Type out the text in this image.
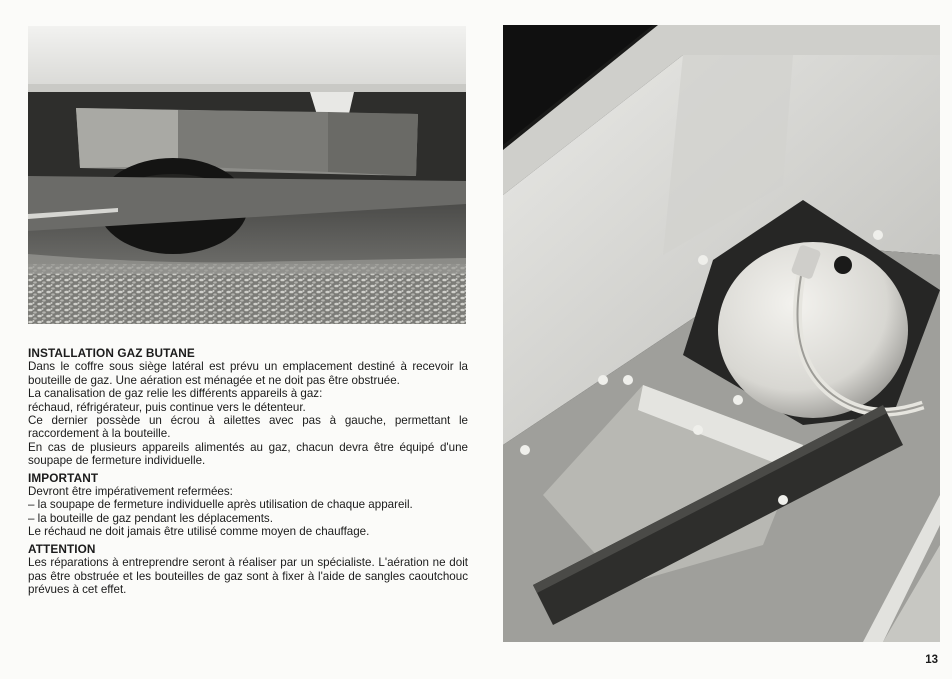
INSTALLATION GAZ BUTANE

Dans le coffre sous siège latéral est prévu un emplacement destiné à recevoir la bouteille de gaz. Une aération est ménagée et ne doit pas être obstruée.

La canalisation de gaz relie les différents appareils à gaz:

réchaud, réfrigérateur, puis continue vers le détenteur.

Ce dernier possède un écrou à ailettes avec pas à gauche, permettant le raccordement à la bouteille.

En cas de plusieurs appareils alimentés au gaz, chacun devra être équipé d'une soupape de fermeture individuelle.

IMPORTANT

Devront être impérativement refermées:

– la soupape de fermeture individuelle après utilisation de chaque appareil.

– la bouteille de gaz pendant les déplacements.

Le réchaud ne doit jamais être utilisé comme moyen de chauffage.

ATTENTION

Les réparations à entreprendre seront à réaliser par un spécialiste. L'aération ne doit pas être obstruée et les bouteilles de gaz sont à fixer à l'aide de sangles caoutchouc prévues à cet effet.

13
